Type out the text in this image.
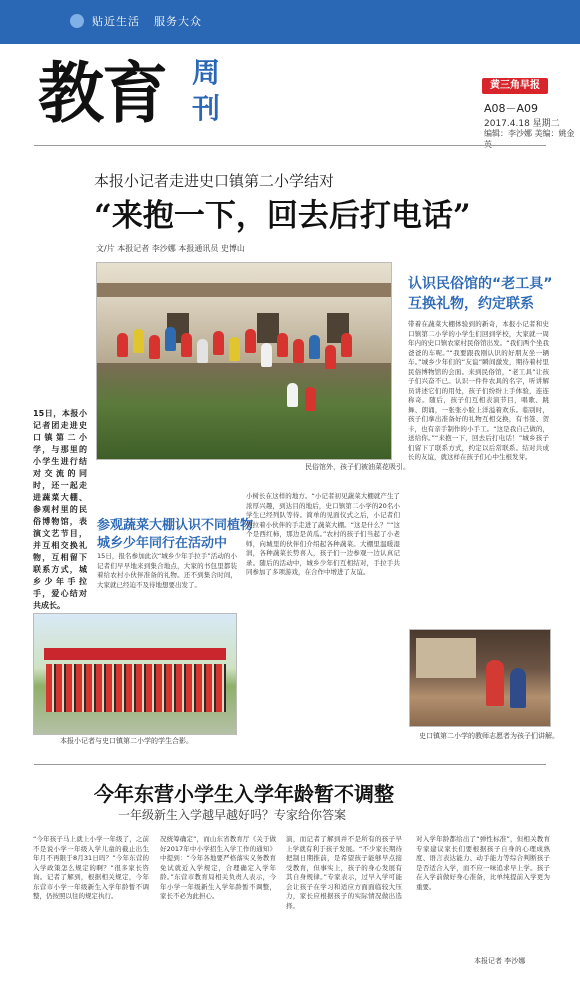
贴近生活 服务大众
教育 周
刊
黄三角早报
A08－A09
2017.4.18 星期二
编辑：李沙娜 美编：姚金
本报小记者走进史口镇第二小学结对
“来抱一下，回去后打电话”
文/片 本报记者 李沙娜 本报通讯员 史博山
民俗馆外，孩子们被油菜花吸引。
15日，本报小记者团走进史口镇第二小学，与那里的小学生进行结对交流的同时，还一起走进蔬菜大棚、参观村里的民俗博物馆，表演文艺节目，并互相交换礼物，互相留下联系方式，城乡少年手拉手，爱心结对共成长。
认识民俗馆的“老工具”
互换礼物，约定联系
带着在蔬菜大棚体验到的新奇，本报小记者和史口镇第二小学的小学生们回到学校，大家就一周年内的史口镇农家村民俗馆出发。“我们两个坐我爸爸的车呢。”“我要跟我刚认识的好朋友坐一辆车。”城乡少年们的“友谊”瞬间激发，期待着村里民俗博物馆的会面。来到民俗馆，“老工具”让孩子们兴奋不已。认识一件件农具的名字，听讲解员讲述它们的用处，孩子们纷纷上手体验，连连称奇。随后，孩子们互相表演节目，唱歌、跳舞、朗诵，一张张小脸上洋溢着欢乐。临别时，孩子们拿出准备好的礼物互相交换，有书签、贺卡，也有亲手制作的小手工。“这是我自己做的，送给你。”“来抱一下，回去后打电话！”城乡孩子们留下了联系方式，约定以后常联系。结对共成长的友谊，就这样在孩子们心中生根发芽。
参观蔬菜大棚认识不同植物
城乡少年同行在活动中
15日，报名参加此次“城乡少年手拉手”活动的小记者们早早地来到集合地点，大家的书包里都装着给农村小伙伴准备的礼物。还不到集合时间，大家就已经迫不及待地想要出发了。
小树长在这样的地方。“小记者初见蔬菜大棚就产生了浓厚兴趣，到达目的地后，史口镇第二小学的20名小学生已经列队等待。简单的见面仪式之后，小记者们便拉着小伙伴的手走进了蔬菜大棚。“这是什么？”“这个是西红柿，那边是黄瓜。”农村的孩子们当起了小老师，向城里的伙伴们介绍起各种蔬菜。大棚里温暖湿润，各种蔬菜长势喜人，孩子们一边参观一边认真记录。随后的活动中，城乡少年们互相结对，手拉手共同参加了多项游戏，在合作中增进了友谊。
本报小记者与史口镇第二小学的学生合影。
史口镇第二小学的教师志愿者为孩子们讲解。
今年东营小学生入学年龄暂不调整
一年级新生入学越早越好吗？专家给你答案
“今年孩子马上就上小学一年级了，之前不是说小学一年级入学儿童的截止出生年月不再限于8月31日吗？”今年东营的入学政策怎么规定的啊？”很多家长咨询。记者了解到，根据相关规定，今年东营市小学一年级新生入学年龄暂不调整，仍按照以往的规定执行。
况统筹确定”，而山东省教育厅《关于做好2017年中小学招生入学工作的通知》中提到：“今年各地要严格落实义务教育免试就近入学规定，合理确定入学年龄。”东营市教育局相关负责人表示，今年小学一年级新生入学年龄暂不调整，家长不必为此担心。
演，而记者了解到并不是所有的孩子早上学就有利于孩子发展。“不少家长期待把制日期推前，是希望孩子能够早点接受教育，但事实上，孩子的身心发展有其自身规律。”专家表示，过早入学可能会让孩子在学习和适应方面面临较大压力，家长应根据孩子的实际情况做出选择。
对入学年龄都给出了“弹性标准”，但相关教育专家建议家长们要根据孩子自身的心理成熟度、语言表达能力、动手能力等综合判断孩子是否适合入学，而不应一味追求早上学。孩子在入学前做好身心准备，比单纯提前入学更为重要。
本报记者 李沙娜
